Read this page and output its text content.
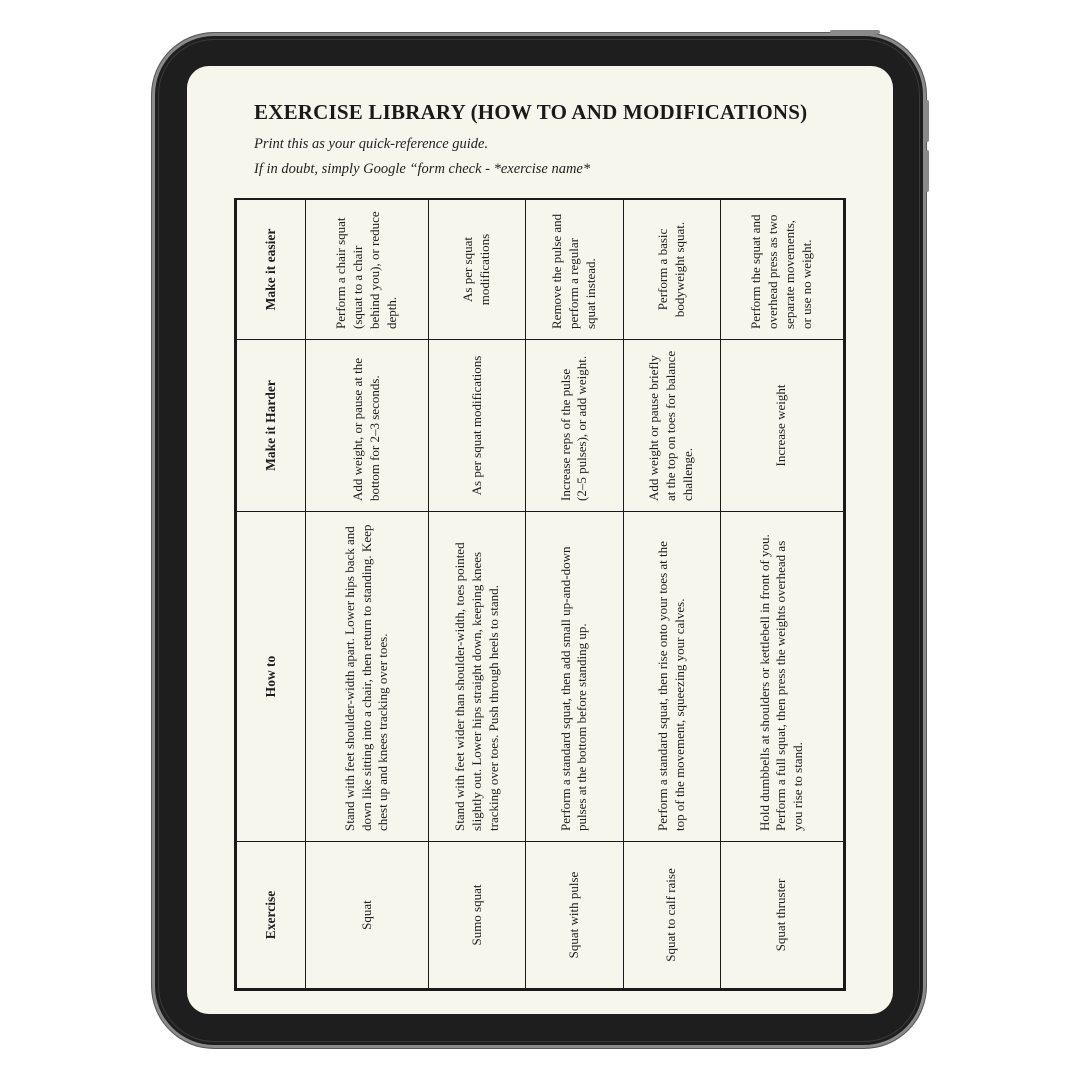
EXERCISE LIBRARY (HOW TO AND MODIFICATIONS)
Print this as your quick-reference guide.
If in doubt, simply Google “form check - *exercise name*
Exercise	How to	Make it Harder	Make it easier
Squat	Stand with feet shoulder-width apart. Lower hips back and down like sitting into a chair, then return to standing. Keep chest up and knees tracking over toes.	Add weight, or pause at the bottom for 2–3 seconds.	Perform a chair squat (squat to a chair behind you), or reduce depth.
Sumo squat	Stand with feet wider than shoulder-width, toes pointed slightly out. Lower hips straight down, keeping knees tracking over toes. Push through heels to stand.	As per squat modifications	As per squat modifications
Squat with pulse	Perform a standard squat, then add small up-and-down pulses at the bottom before standing up.	Increase reps of the pulse (2–5 pulses), or add weight.	Remove the pulse and perform a regular squat instead.
Squat to calf raise	Perform a standard squat, then rise onto your toes at the top of the movement, squeezing your calves.	Add weight or pause briefly at the top on toes for balance challenge.	Perform a basic bodyweight squat.
Squat thruster	Hold dumbbells at shoulders or kettlebell in front of you. Perform a full squat, then press the weights overhead as you rise to stand.	Increase weight	Perform the squat and overhead press as two separate movements, or use no weight.
